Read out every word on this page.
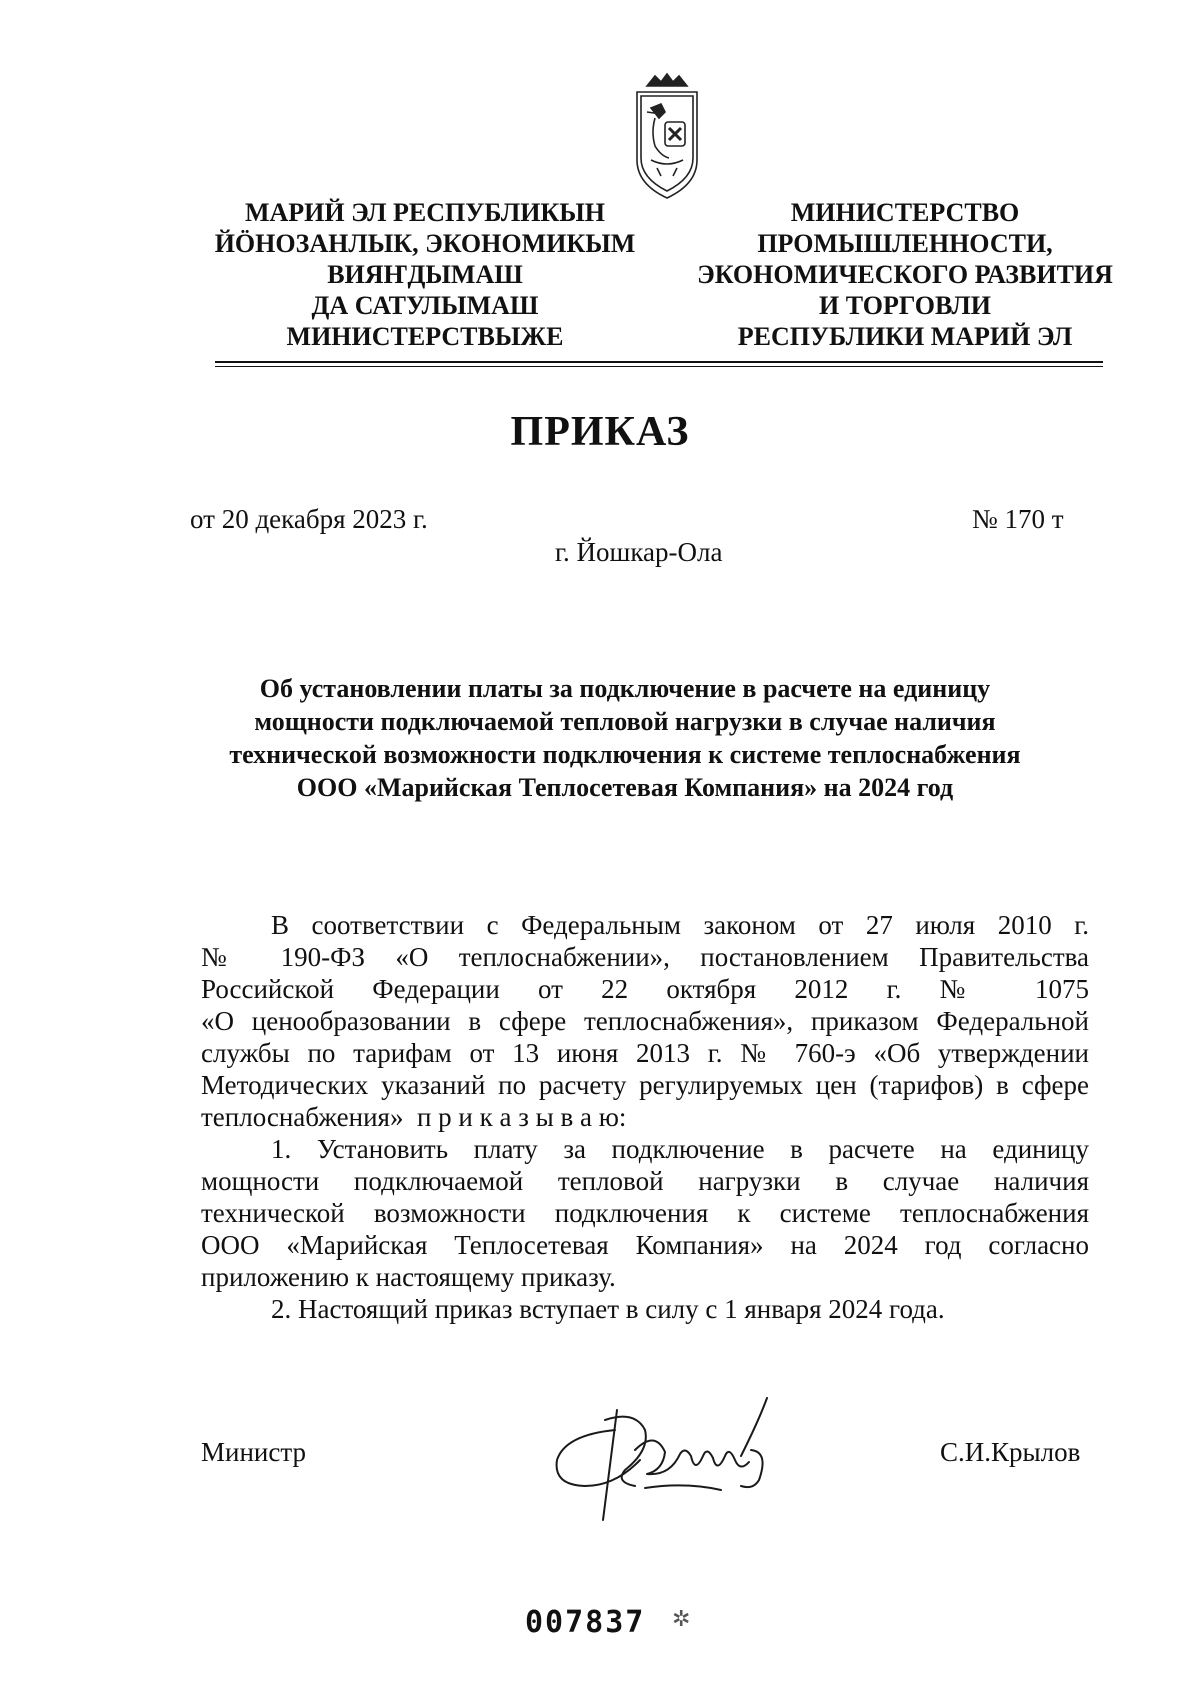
МАРИЙ ЭЛ РЕСПУБЛИКЫН
ЙӦНОЗАНЛЫК, ЭКОНОМИКЫМ
ВИЯҤДЫМАШ
ДА САТУЛЫМАШ
МИНИСТЕРСТВЫЖЕ
МИНИСТЕРСТВО
ПРОМЫШЛЕННОСТИ,
ЭКОНОМИЧЕСКОГО РАЗВИТИЯ
И ТОРГОВЛИ
РЕСПУБЛИКИ МАРИЙ ЭЛ
ПРИКАЗ
от 20 декабря 2023 г.	№ 170 т
г. Йошкар-Ола
Об установлении платы за подключение в расчете на единицу
мощности подключаемой тепловой нагрузки в случае наличия
технической возможности подключения к системе теплоснабжения
ООО «Марийская Теплосетевая Компания» на 2024 год
В соответствии с Федеральным законом от 27 июля 2010 г.
№ 190-ФЗ «О теплоснабжении», постановлением Правительства
Российской Федерации от 22 октября 2012 г. № 1075
«О ценообразовании в сфере теплоснабжения», приказом Федеральной
службы по тарифам от 13 июня 2013 г. № 760-э «Об утверждении
Методических указаний по расчету регулируемых цен (тарифов) в сфере
теплоснабжения» п р и к а з ы в а ю:
1. Установить плату за подключение в расчете на единицу
мощности подключаемой тепловой нагрузки в случае наличия
технической возможности подключения к системе теплоснабжения
ООО «Марийская Теплосетевая Компания» на 2024 год согласно
приложению к настоящему приказу.
2. Настоящий приказ вступает в силу с 1 января 2024 года.
Министр	С.И.Крылов
007837 ✲
